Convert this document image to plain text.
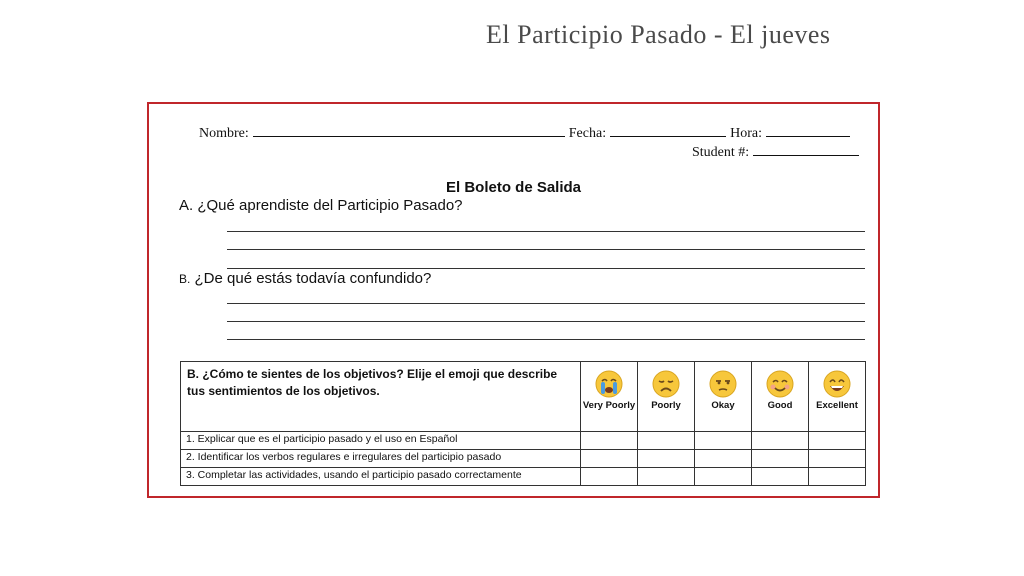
El Participio Pasado - El jueves
Nombre:	Fecha:	Hora:
Student #:
El Boleto de Salida
A. ¿Qué aprendiste del Participio Pasado?
B. ¿De qué estás todavía confundido?
B. ¿Cómo te sientes de los objetivos? Elije el emoji que describe tus sentimientos de los objetivos.	Very Poorly	Poorly	Okay	Good	Excellent

1. Explicar que es el participio pasado y el uso en Español					
2. Identificar los verbos regulares e irregulares del participio pasado					
3. Completar las actividades, usando el participio pasado correctamente					
